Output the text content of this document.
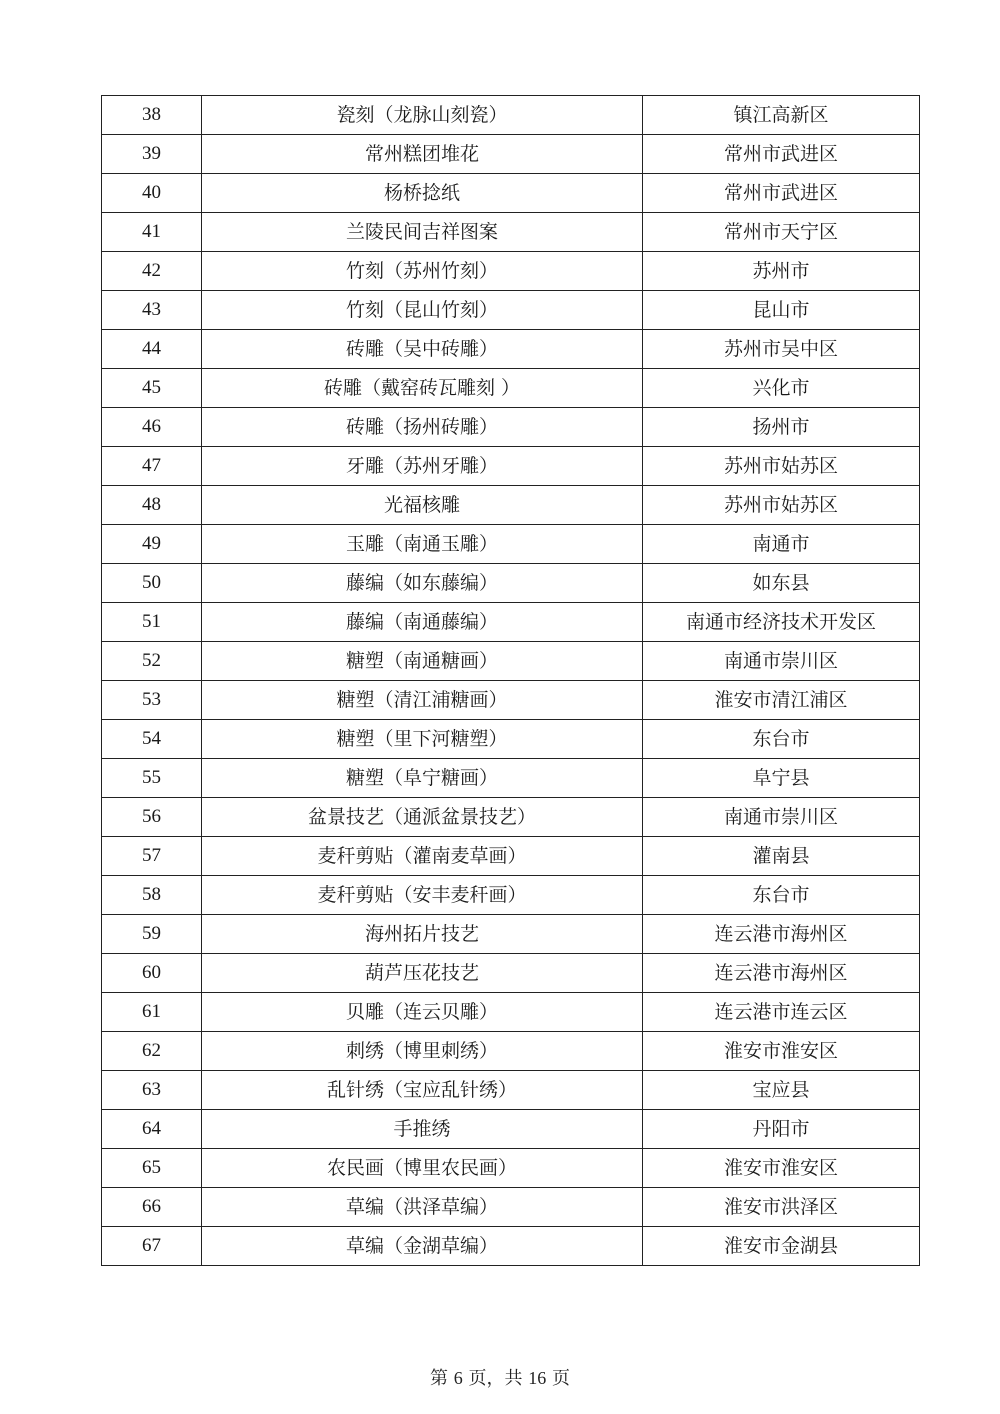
38	瓷刻（龙脉山刻瓷）	镇江高新区
39	常州糕团堆花	常州市武进区
40	杨桥捻纸	常州市武进区
41	兰陵民间吉祥图案	常州市天宁区
42	竹刻（苏州竹刻）	苏州市
43	竹刻（昆山竹刻）	昆山市
44	砖雕（吴中砖雕）	苏州市吴中区
45	砖雕（戴窑砖瓦雕刻 ）	兴化市
46	砖雕（扬州砖雕）	扬州市
47	牙雕（苏州牙雕）	苏州市姑苏区
48	光福核雕	苏州市姑苏区
49	玉雕（南通玉雕）	南通市
50	藤编（如东藤编）	如东县
51	藤编（南通藤编）	南通市经济技术开发区
52	糖塑（南通糖画）	南通市崇川区
53	糖塑（清江浦糖画）	淮安市清江浦区
54	糖塑（里下河糖塑）	东台市
55	糖塑（阜宁糖画）	阜宁县
56	盆景技艺（通派盆景技艺）	南通市崇川区
57	麦秆剪贴（灌南麦草画）	灌南县
58	麦秆剪贴（安丰麦秆画）	东台市
59	海州拓片技艺	连云港市海州区
60	葫芦压花技艺	连云港市海州区
61	贝雕（连云贝雕）	连云港市连云区
62	刺绣（博里刺绣）	淮安市淮安区
63	乱针绣（宝应乱针绣）	宝应县
64	手推绣	丹阳市
65	农民画（博里农民画）	淮安市淮安区
66	草编（洪泽草编）	淮安市洪泽区
67	草编（金湖草编）	淮安市金湖县
第 6 页，共 16 页
